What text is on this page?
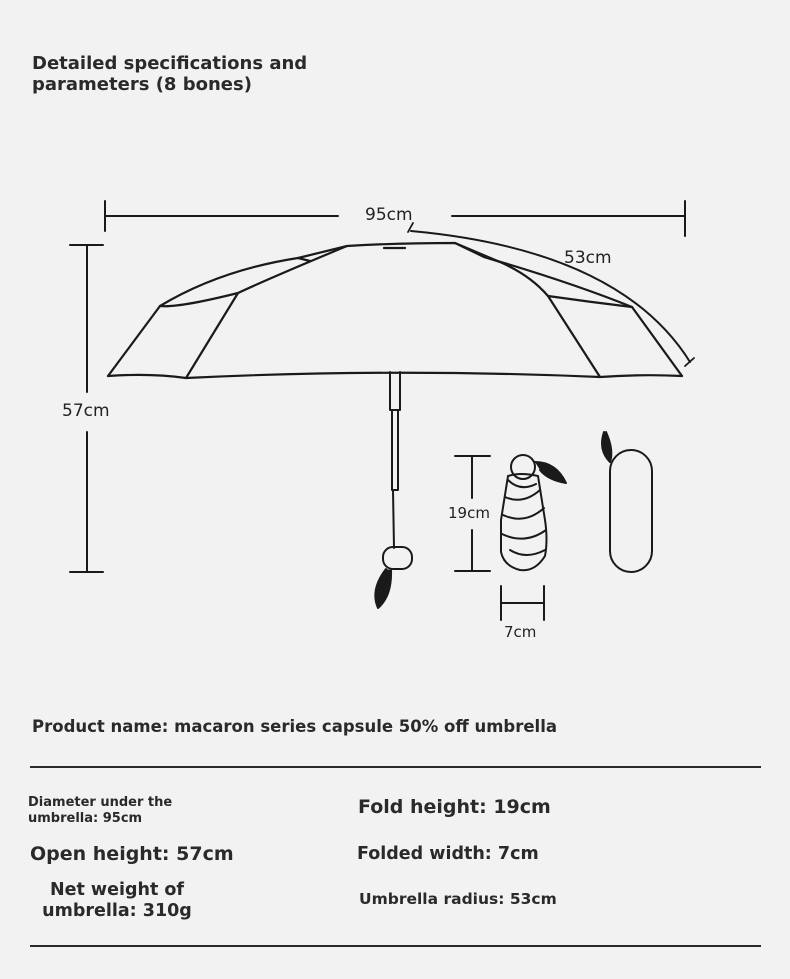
Detailed specifications and
parameters (8 bones)
95cm
53cm
57cm
19cm
7cm
Product name: macaron series capsule 50% off umbrella
Diameter under the
umbrella: 95cm
Fold height: 19cm
Open height: 57cm	Folded width: 7cm
Net weight of
umbrella: 310g
Umbrella radius: 53cm
